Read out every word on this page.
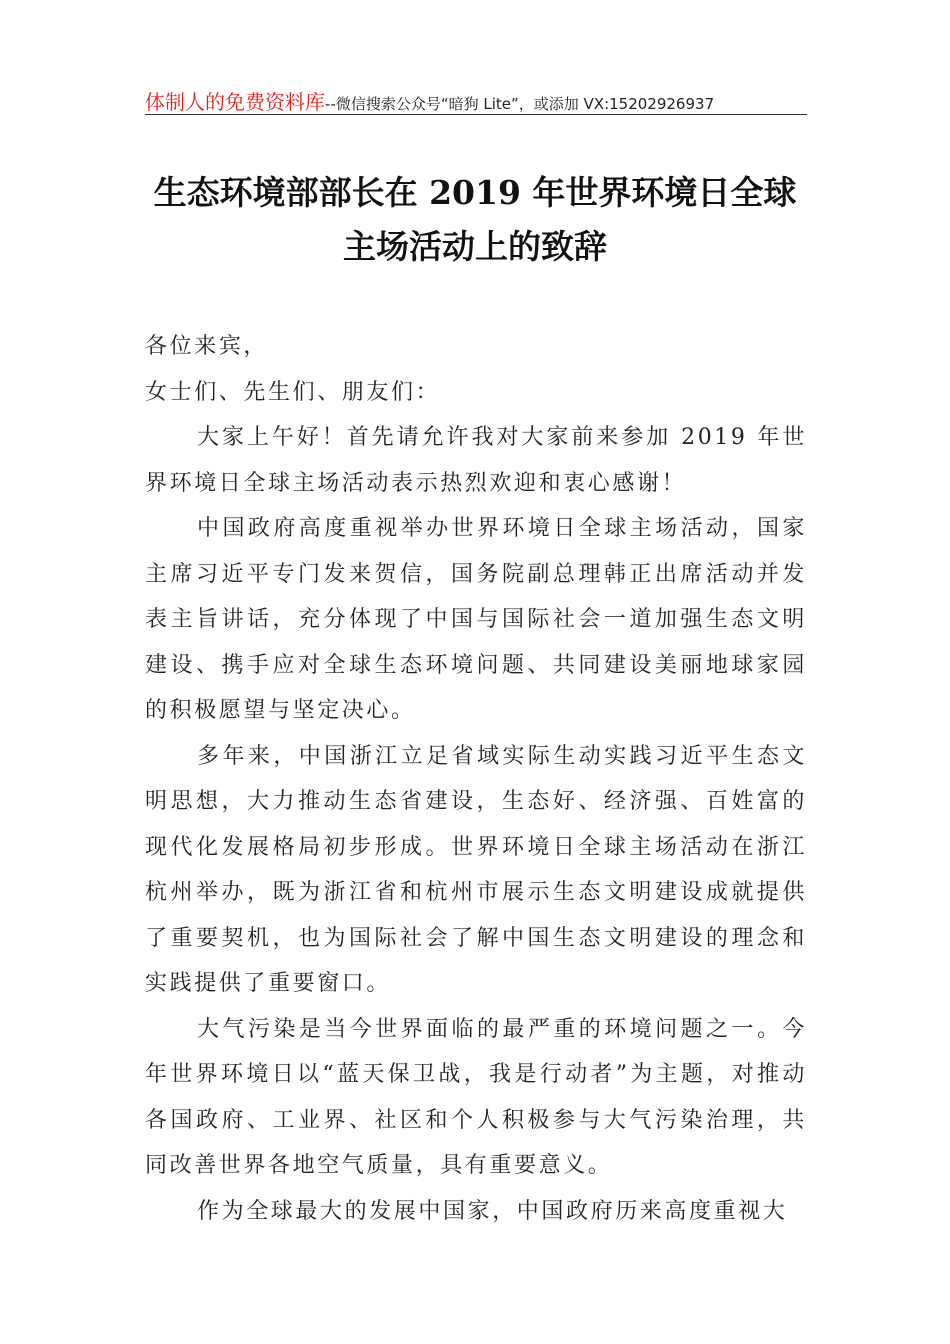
体制人的免费资料库--微信搜索公众号“暗狗 Lite”，或添加 VX:15202926937
生态环境部部长在 2019 年世界环境日全球
主场活动上的致辞

各位来宾，

女士们、先生们、朋友们：

大家上午好！首先请允许我对大家前来参加 2019 年世界环境日全球主场活动表示热烈欢迎和衷心感谢！

中国政府高度重视举办世界环境日全球主场活动，国家主席习近平专门发来贺信，国务院副总理韩正出席活动并发表主旨讲话，充分体现了中国与国际社会一道加强生态文明建设、携手应对全球生态环境问题、共同建设美丽地球家园的积极愿望与坚定决心。

多年来，中国浙江立足省域实际生动实践习近平生态文明思想，大力推动生态省建设，生态好、经济强、百姓富的现代化发展格局初步形成。世界环境日全球主场活动在浙江杭州举办，既为浙江省和杭州市展示生态文明建设成就提供了重要契机，也为国际社会了解中国生态文明建设的理念和实践提供了重要窗口。

大气污染是当今世界面临的最严重的环境问题之一。今年世界环境日以“蓝天保卫战，我是行动者”为主题，对推动各国政府、工业界、社区和个人积极参与大气污染治理，共同改善世界各地空气质量，具有重要意义。

作为全球最大的发展中国家，中国政府历来高度重视大
